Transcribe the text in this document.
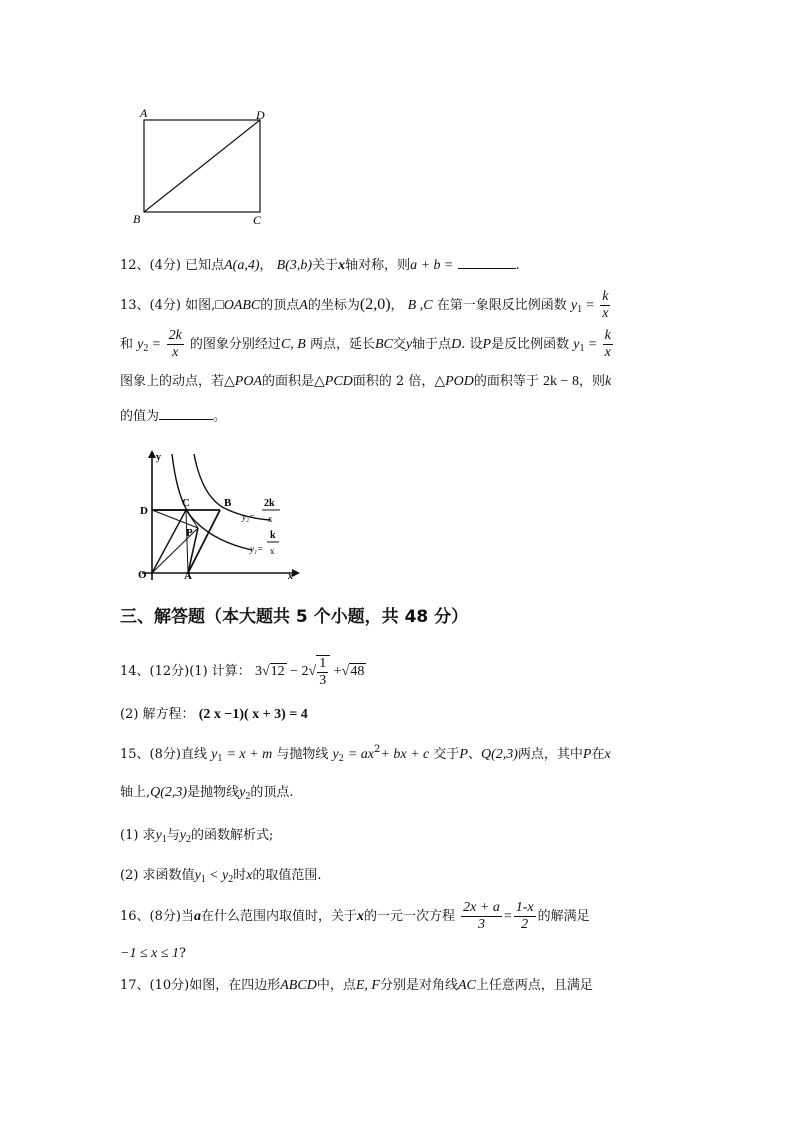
A	D
B	C
12、(4分) 已知点A(a,4)， B(3,b)关于x轴对称，则a + b =	.
13、(4分) 如图,□OABC的顶点A的坐标为(2,0)， B ,C 在第一象限反比例函数 $y_1 = \frac{k}{x}$
和 $y_2 = \frac{2k}{x}$ 的图象分别经过C, B 两点，延长BC交y轴于点D. 设P是反比例函数 $y_1 = \frac{k}{x}$
图象上的动点，若△POA的面积是△PCD面积的 2 倍，△POD的面积等于 2k − 8，则k
的值为	。
y
D
C	B
P
O	A	x
y₂=
2k
x
y₁=
k
x
三、解答题（本大题共 5 个小题，共 48 分）
14、(12分)(1) 计算： $3√12 - 2√ \frac{1}{3} +√48$
(2) 解方程： (2 x −1)( x + 3) = 4
15、(8分)直线 $y_1 = x + m$ 与抛物线 $y_2 = ax^2+$ bx + c 交于P、Q(2,3)两点，其中P在x
轴上,Q(2,3)是抛物线$y_2$的顶点.
(1) 求$y_1$与$y_2$的函数解析式;
(2) 求函数值$y_1 < y_2$时x的取值范围.
16、(8分)当a在什么范围内取值时，关于x的一元一次方程 $\frac{2x + a}{3} = \frac{1-x}{2}$ 的解满足
−1 ≤ x ≤ 1?
17、(10分)如图，在四边形ABCD中，点E, F分别是对角线AC上任意两点，且满足
